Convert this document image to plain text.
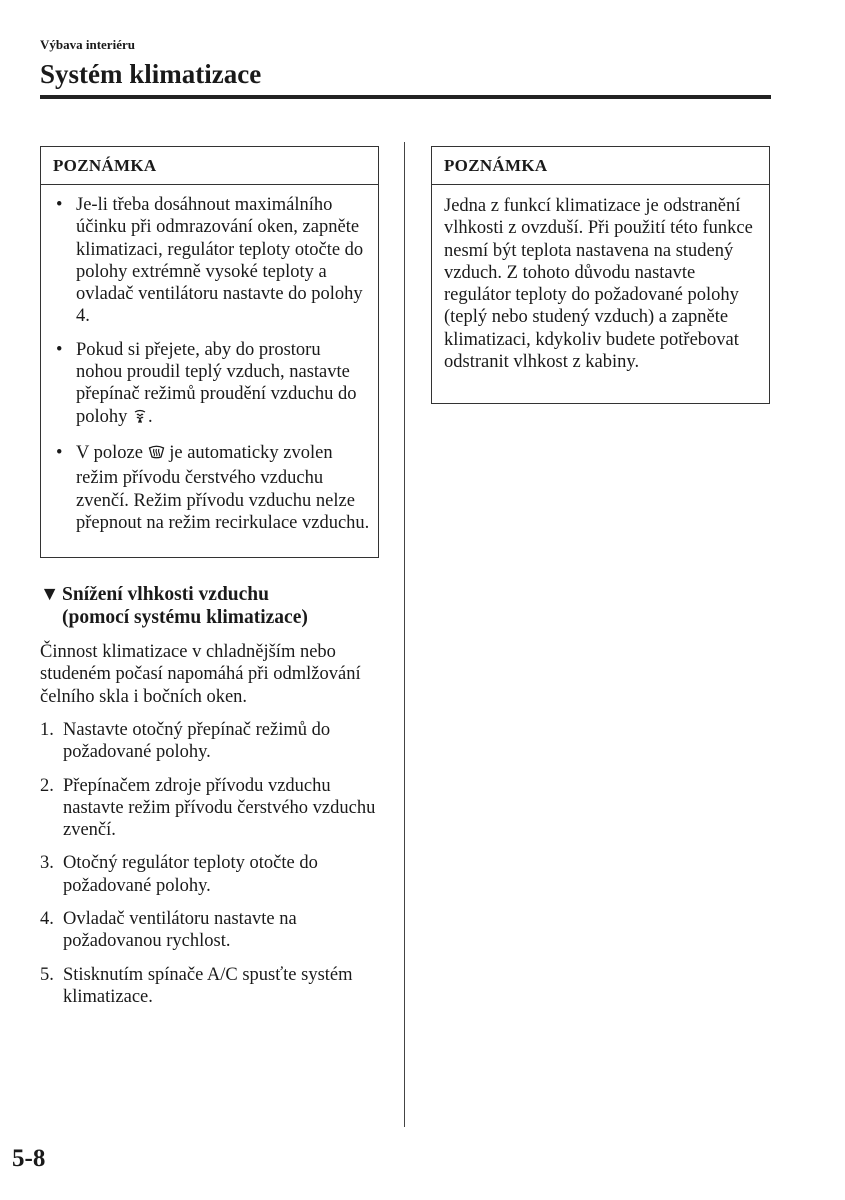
Výbava interiéru
Systém klimatizace
POZNÁMKA
• Je-li třeba dosáhnout maximálního účinku při odmrazování oken, zapněte klimatizaci, regulátor teploty otočte do polohy extrémně vysoké teploty a ovladač ventilátoru nastavte do polohy 4.
• Pokud si přejete, aby do prostoru nohou proudil teplý vzduch, nastavte přepínač režimů proudění vzduchu do polohy .
• V poloze  je automaticky zvolen režim přívodu čerstvého vzduchu zvenčí. Režim přívodu vzduchu nelze přepnout na režim recirkulace vzduchu.
POZNÁMKA
Jedna z funkcí klimatizace je odstranění vlhkosti z ovzduší. Při použití této funkce nesmí být teplota nastavena na studený vzduch. Z tohoto důvodu nastavte regulátor teploty do požadované polohy (teplý nebo studený vzduch) a zapněte klimatizaci, kdykoliv budete potřebovat odstranit vlhkost z kabiny.
▼ Snížení vlhkosti vzduchu
(pomocí systému klimatizace)

Činnost klimatizace v chladnějším nebo studeném počasí napomáhá při odmlžování čelního skla i bočních oken.

1. Nastavte otočný přepínač režimů do požadované polohy.
2. Přepínačem zdroje přívodu vzduchu nastavte režim přívodu čerstvého vzduchu zvenčí.
3. Otočný regulátor teploty otočte do požadované polohy.
4. Ovladač ventilátoru nastavte na požadovanou rychlost.
5. Stisknutím spínače A/C spusťte systém klimatizace.
5-8
